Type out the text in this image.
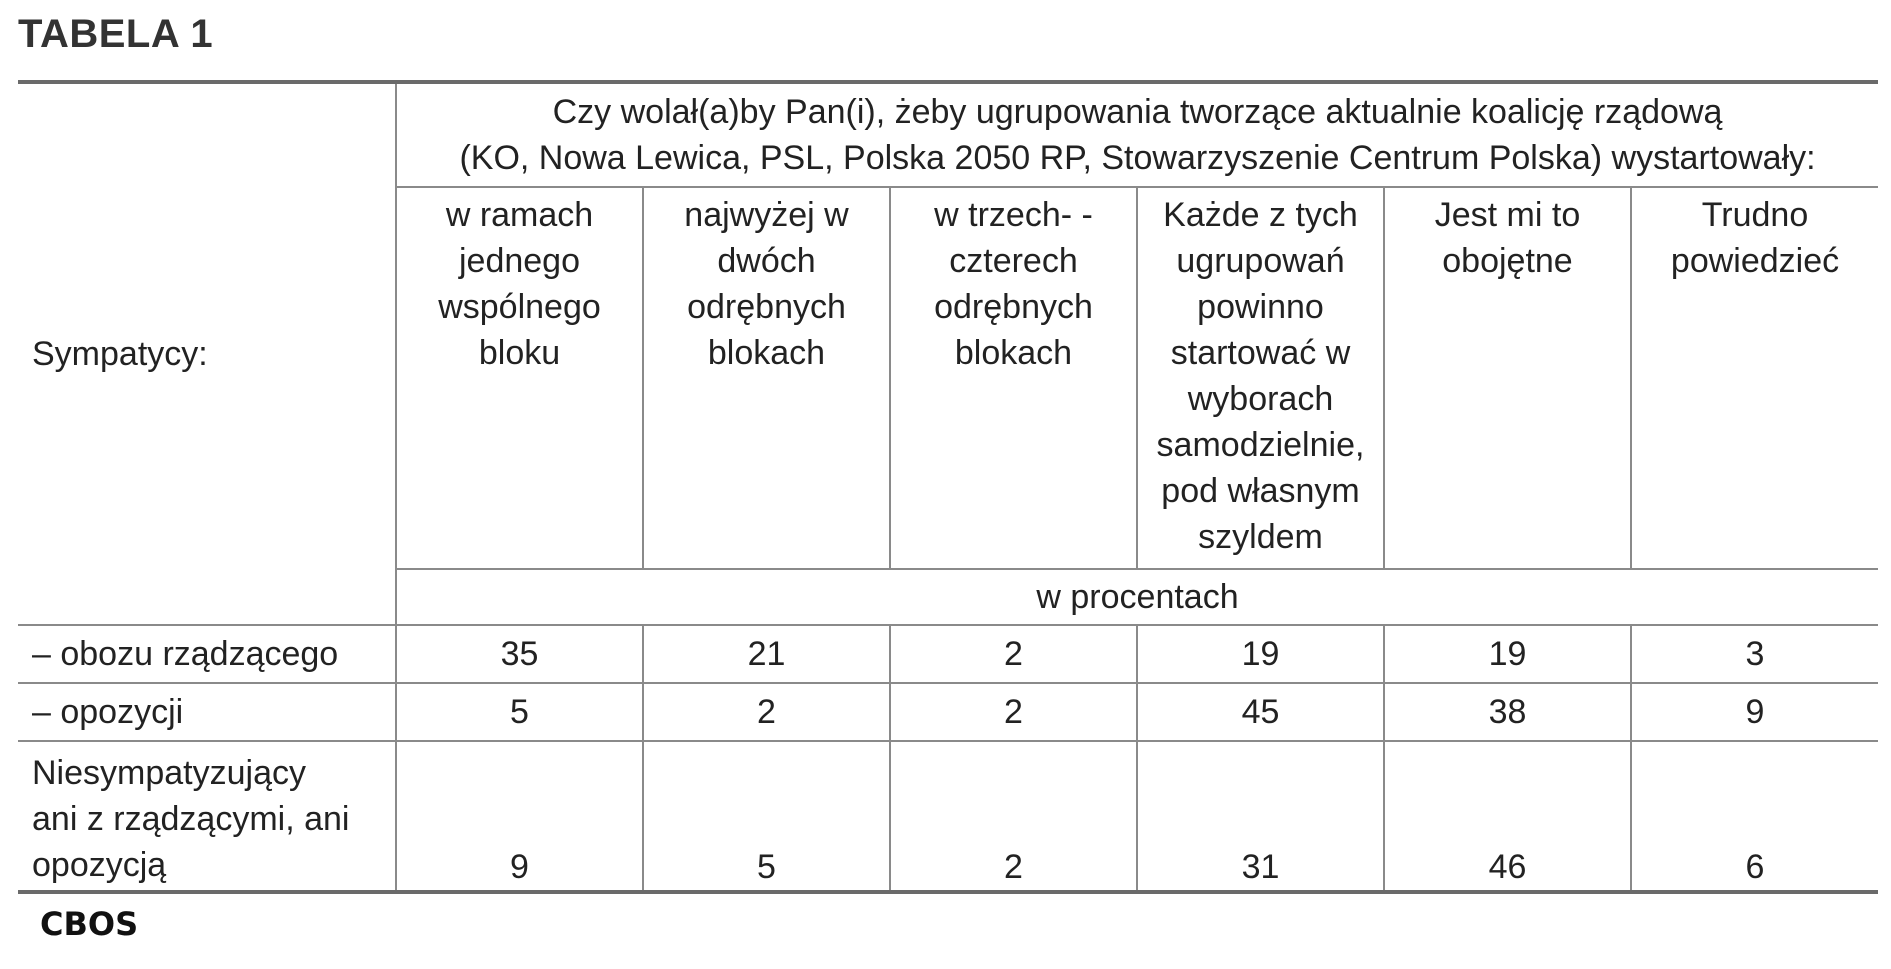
TABELA 1
Sympatycy:	Czy wolał(a)by Pan(i), żeby ugrupowania tworzące aktualnie koalicję rządową
(KO, Nowa Lewica, PSL, Polska 2050 RP, Stowarzyszenie Centrum Polska) wystartowały:					

	w ramach jednego wspólnego bloku	najwyżej w dwóch odrębnych blokach	w trzech- -czterech odrębnych blokach	Każde z tych ugrupowań powinno startować w wyborach samodzielnie, pod własnym szyldem	Jest mi to obojętne	Trudno powiedzieć
	w procentach					
– obozu rządzącego	35	21	2	19	19	3
– opozycji	5	2	2	45	38	9
Niesympatyzujący ani z rządzącymi, ani opozycją	9	5	2	31	46	6
CBOS
